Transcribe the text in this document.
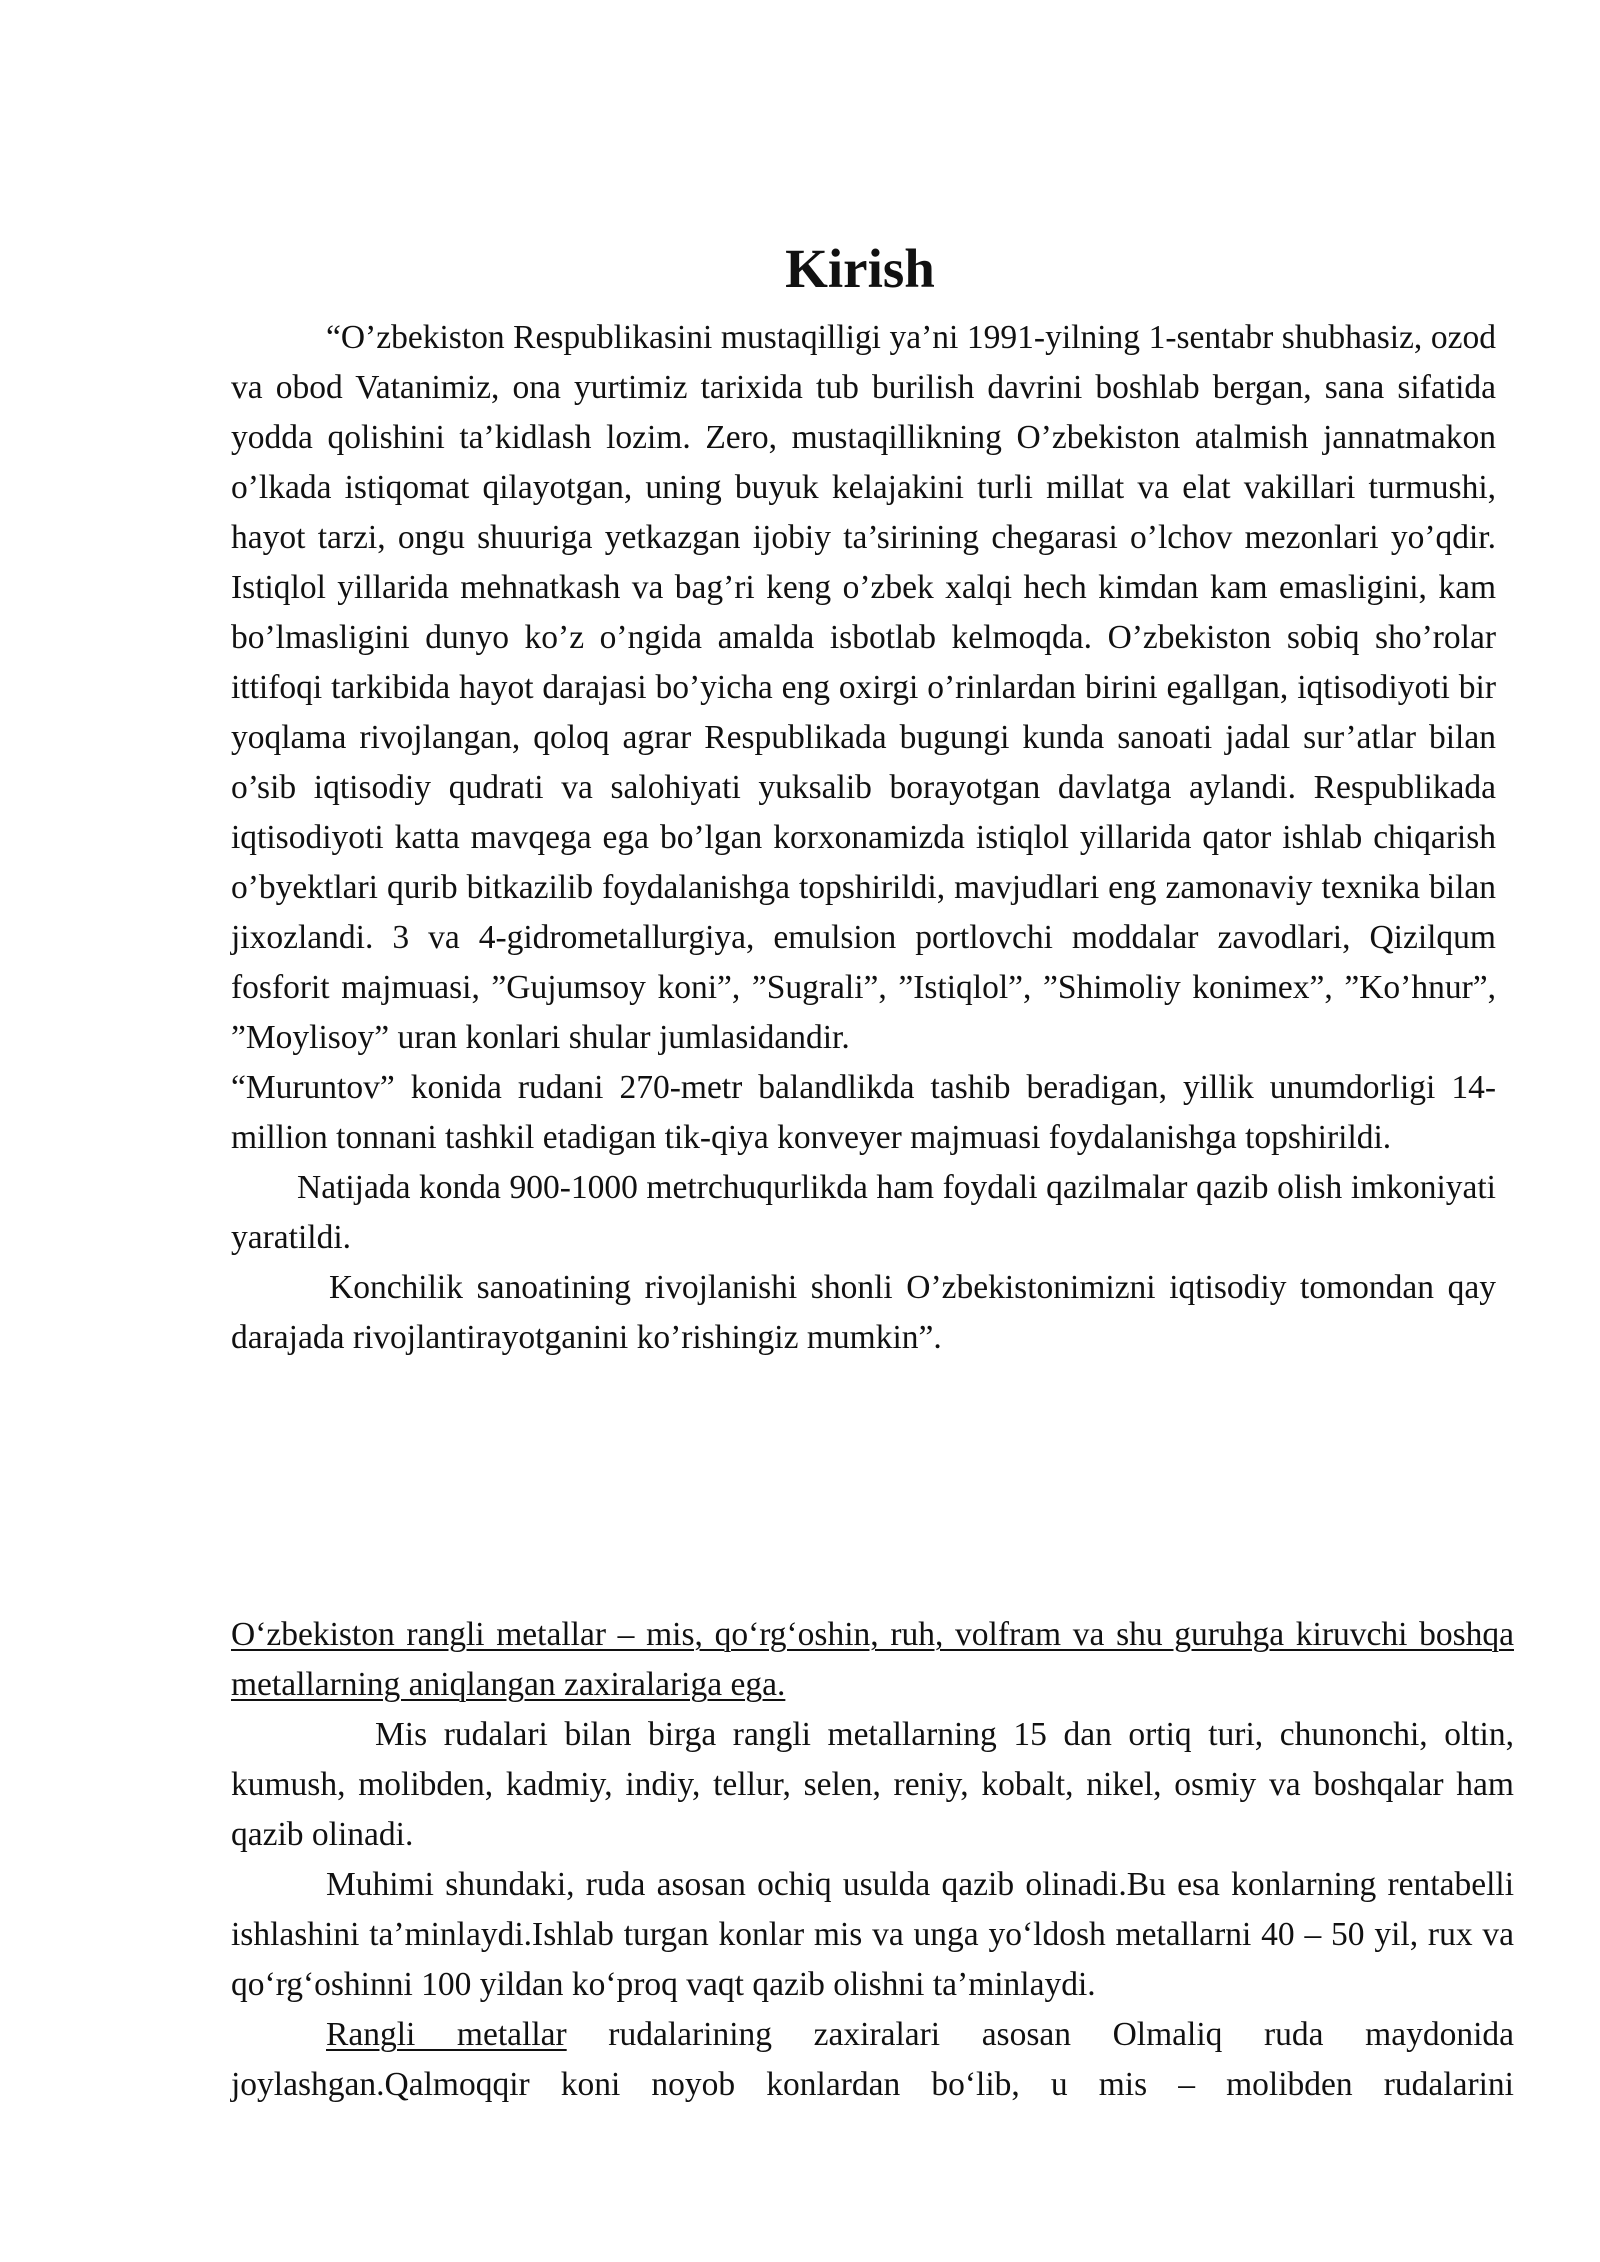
Kirish

“O’zbekiston Respublikasini mustaqilligi ya’ni 1991-yilning 1-sentabr shubhasiz, ozod va obod Vatanimiz, ona yurtimiz tarixida tub burilish davrini boshlab bergan, sana sifatida yodda qolishini ta’kidlash lozim. Zero, mustaqillikning O’zbekiston atalmish jannatmakon o’lkada istiqomat qilayotgan, uning buyuk kelajakini turli millat va elat vakillari turmushi, hayot tarzi, ongu shuuriga yetkazgan ijobiy ta’sirining chegarasi o’lchov mezonlari yo’qdir. Istiqlol yillarida mehnatkash va bag’ri keng o’zbek xalqi hech kimdan kam emasligini, kam bo’lmasligini dunyo ko’z o’ngida amalda isbotlab kelmoqda. O’zbekiston sobiq sho’rolar ittifoqi tarkibida hayot darajasi bo’yicha eng oxirgi o’rinlardan birini egallgan, iqtisodiyoti bir yoqlama rivojlangan, qoloq agrar Respublikada bugungi kunda sanoati jadal sur’atlar bilan o’sib iqtisodiy qudrati va salohiyati yuksalib borayotgan davlatga aylandi. Respublikada iqtisodiyoti katta mavqega ega bo’lgan korxonamizda istiqlol yillarida qator ishlab chiqarish o’byektlari qurib bitkazilib foydalanishga topshirildi, mavjudlari eng zamonaviy texnika bilan jixozlandi. 3 va 4-gidrometallurgiya, emulsion portlovchi moddalar zavodlari, Qizilqum fosforit majmuasi, ”Gujumsoy koni”, ”Sugrali”, ”Istiqlol”, ”Shimoliy konimex”, ”Ko’hnur”, ”Moylisoy” uran konlari shular jumlasidandir.

“Muruntov” konida rudani 270-metr balandlikda tashib beradigan, yillik unumdorligi 14-million tonnani tashkil etadigan tik-qiya konveyer majmuasi foydalanishga topshirildi.

Natijada konda 900-1000 metrchuqurlikda ham foydali qazilmalar qazib olish imkoniyati yaratildi.

Konchilik sanoatining rivojlanishi shonli O’zbekistonimizni iqtisodiy tomondan qay darajada rivojlantirayotganini ko’rishingiz mumkin”.

O‘zbekiston rangli metallar – mis, qo‘rg‘oshin, ruh, volfram va shu guruhga kiruvchi boshqa metallarning aniqlangan zaxiralariga ega.

Mis rudalari bilan birga rangli metallarning 15 dan ortiq turi, chunonchi, oltin, kumush, molibden, kadmiy, indiy, tellur, selen, reniy, kobalt, nikel, osmiy va boshqalar ham qazib olinadi.

Muhimi shundaki, ruda asosan ochiq usulda qazib olinadi.Bu esa konlarning rentabelli ishlashini ta’minlaydi.Ishlab turgan konlar mis va unga yo‘ldosh metallarni 40 – 50 yil, rux va qo‘rg‘oshinni 100 yildan ko‘proq vaqt qazib olishni ta’minlaydi.

Rangli metallar rudalarining zaxiralari asosan Olmaliq ruda maydonida joylashgan.Qalmoqqir koni noyob konlardan bo‘lib, u mis – molibden rudalarini
